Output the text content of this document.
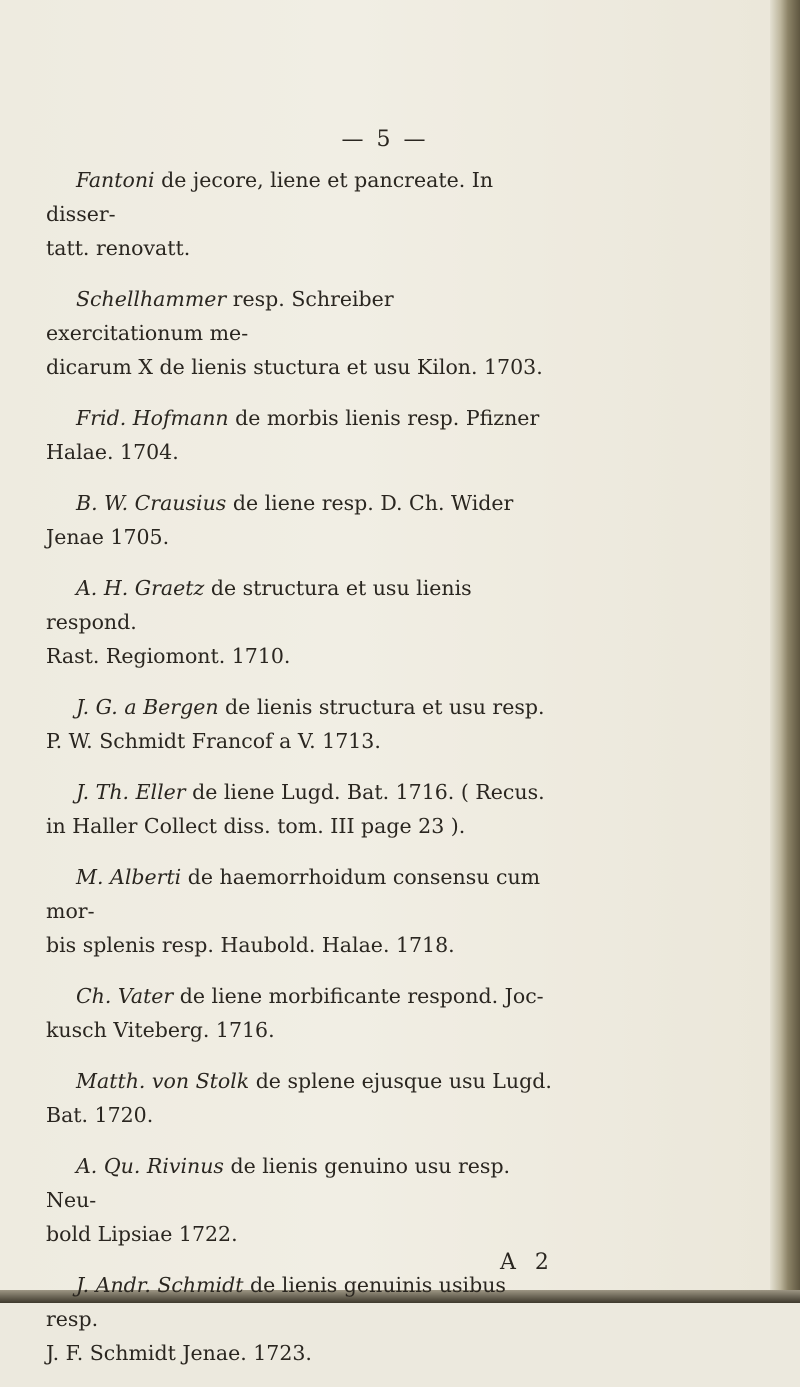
— 5 —

Fantoni de jecore, liene et pancreate. In disser-

tatt. renovatt.

Schellhammer resp. Schreiber exercitationum me-

dicarum X de lienis stuctura et usu Kilon. 1703.

Frid. Hofmann de morbis lienis resp. Pfizner

Halae. 1704.

B. W. Crausius de liene resp. D. Ch. Wider

Jenae 1705.

A. H. Graetz de structura et usu lienis respond.

Rast. Regiomont. 1710.

J. G. a Bergen de lienis structura et usu resp.

P. W. Schmidt Francof a V. 1713.

J. Th. Eller de liene Lugd. Bat. 1716. ( Recus.

in Haller Collect diss. tom. III page 23 ).

M. Alberti de haemorrhoidum consensu cum mor-

bis splenis resp. Haubold. Halae. 1718.

Ch. Vater de liene morbificante respond. Joc-

kusch Viteberg. 1716.

Matth. von Stolk de splene ejusque usu Lugd.

Bat. 1720.

A. Qu. Rivinus de lienis genuino usu resp. Neu-

bold Lipsiae 1722.

J. Andr. Schmidt de lienis genuinis usibus resp.

J. F. Schmidt Jenae. 1723.

A 2
